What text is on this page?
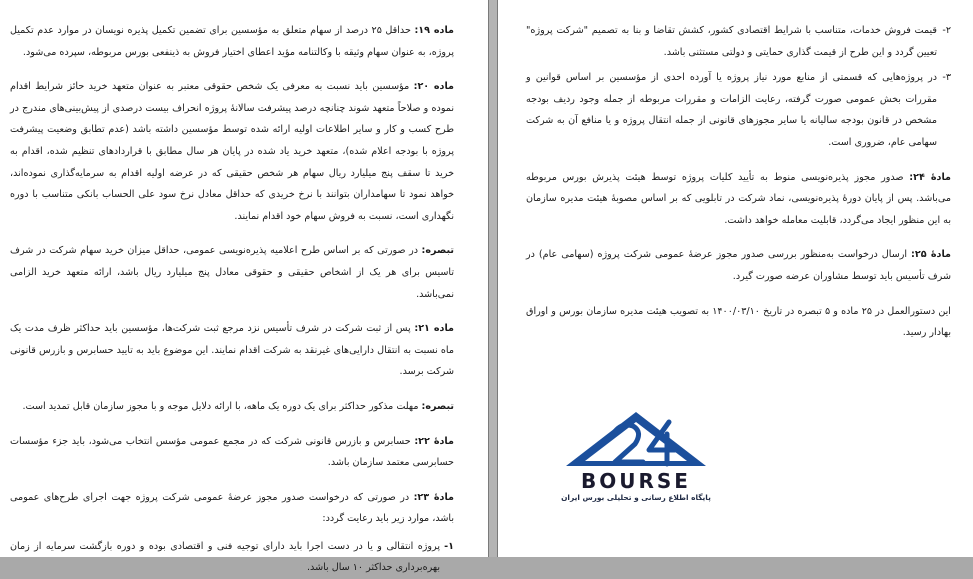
ماده ۱۹: حداقل ۲۵ درصد از سهام متعلق به مؤسسین برای تضمین تکمیل پذیره نویسان در موارد عدم تکمیل پروژه، به عنوان سهام وثیقه با وکالتنامه مؤید اعطای اختیار فروش به ذینفعی بورس مربوطه، سپرده می‌شود.

ماده ۲۰: مؤسسین باید نسبت به معرفی یک شخص حقوقی معتبر به عنوان متعهد خرید حائز شرایط اقدام نموده و صلاحاً متعهد شوند چنانچه درصد پیشرفت سالانهٔ پروژه انحراف بیست درصدی از پیش‌بینی‌های مندرج در طرح کسب و کار و سایر اطلاعات اولیه ارائه شده توسط مؤسسین داشته باشد (عدم تطابق وضعیت پیشرفت پروژه با بودجه اعلام شده)، متعهد خرید یاد شده در پایان هر سال مطابق با قراردادهای تنظیم شده، اقدام به خرید تا سقف پنج میلیارد ریال سهام هر شخص حقیقی که در عرضه اولیه اقدام به سرمایه‌گذاری نموده‌اند، خواهد نمود تا سهامداران بتوانند با نرخ خریدی که حداقل معادل نرخ سود علی الحساب بانکی متناسب با دوره نگهداری است، نسبت به فروش سهام خود اقدام نمایند.

تبصره: در صورتی که بر اساس طرح اعلامیه پذیره‌نویسی عمومی، حداقل میزان خرید سهام شرکت در شرف تاسیس برای هر یک از اشخاص حقیقی و حقوقی معادل پنج میلیارد ریال باشد، ارائه متعهد خرید الزامی نمی‌باشد.

ماده ۲۱: پس از ثبت شرکت در شرف تأسیس نزد مرجع ثبت شرکت‌ها، مؤسسین باید حداکثر ظرف مدت یک ماه نسبت به انتقال دارایی‌های غیرنقد به شرکت اقدام نمایند. این موضوع باید به تایید حسابرس و بازرس قانونی شرکت برسد.

تبصره: مهلت مذکور حداکثر برای یک دوره یک ماهه، با ارائه دلایل موجه و با مجوز سازمان قابل تمدید است.

مادهٔ ۲۲: حسابرس و بازرس قانونی شرکت که در مجمع عمومی مؤسس انتخاب می‌شود، باید جزء مؤسسات حسابرسی معتمد سازمان باشد.

مادهٔ ۲۳: در صورتی که درخواست صدور مجوز عرضهٔ عمومی شرکت پروژه جهت اجرای طرح‌های عمومی باشد، موارد زیر باید رعایت گردد:

۱-
پروژه انتقالی و یا در دست اجرا باید دارای توجیه فنی و اقتصادی بوده و دوره بازگشت سرمایه از زمان بهره‌برداری حداکثر ۱۰ سال باشد.

۲-
قیمت فروش خدمات، متناسب با شرایط اقتصادی کشور، کشش تقاضا و بنا به تصمیم "شرکت پروژه" تعیین گردد و این طرح از قیمت گذاری حمایتی و دولتی مستثنی باشد.

۳-
در پروژه‌هایی که قسمتی از منابع مورد نیاز پروژه یا آورده احدی از مؤسسین بر اساس قوانین و مقررات بخش عمومی صورت گرفته، رعایت الزامات و مقررات مربوطه از جمله وجود ردیف بودجه مشخص در قانون بودجه سالیانه یا سایر مجوزهای قانونی از جمله انتقال پروژه و یا منافع آن به شرکت سهامی عام، ضروری است.

مادهٔ ۲۴: صدور مجوز پذیره‌نویسی منوط به تأیید کلیات پروژه توسط هیئت پذیرش بورس مربوطه می‌باشد. پس از پایان دورهٔ پذیره‌نویسی، نماد شرکت در تابلویی که بر اساس مصوبهٔ هیئت مدیره سازمان به این منظور ایجاد می‌گردد، قابلیت معامله خواهد داشت.

مادهٔ ۲۵: ارسال درخواست به‌منظور بررسی صدور مجوز عرضهٔ عمومی شرکت پروژه (سهامی عام) در شرف تأسیس باید توسط مشاوران عرضه صورت گیرد.

این دستورالعمل در ۲۵ ماده و ۵ تبصره در تاریخ ۱۴۰۰/۰۳/۱۰ به تصویب هیئت مدیره سازمان بورس و اوراق بهادار رسید.

BOURSE
پایگاه اطلاع رسانی و تحلیلی بورس ایران
